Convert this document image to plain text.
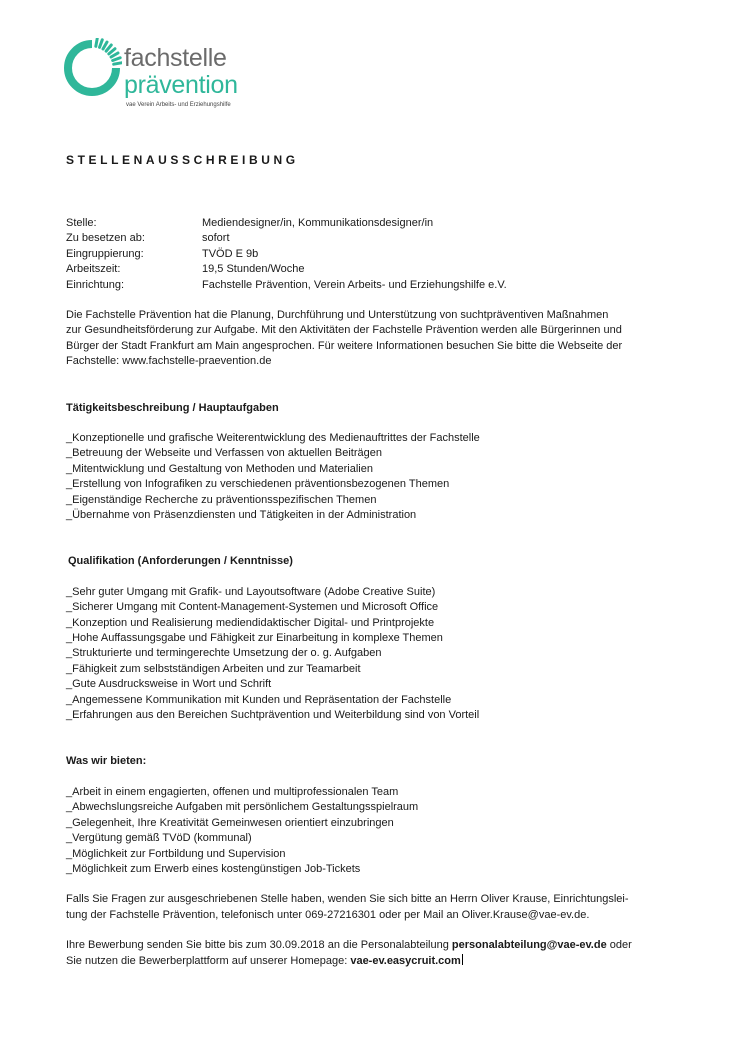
fachstelle
prävention
vae Verein Arbeits- und Erziehungshilfe
STELLENAUSSCHREIBUNG
Stelle:	Mediendesigner/in, Kommunikationsdesigner/in
Zu besetzen ab:	sofort
Eingruppierung:	TVÖD E 9b
Arbeitszeit:	19,5 Stunden/Woche
Einrichtung:	Fachstelle Prävention, Verein Arbeits- und Erziehungshilfe e.V.
Die Fachstelle Prävention hat die Planung, Durchführung und Unterstützung von suchtpräventiven Maßnahmen
zur Gesundheitsförderung zur Aufgabe. Mit den Aktivitäten der Fachstelle Prävention werden alle Bürgerinnen und
Bürger der Stadt Frankfurt am Main angesprochen. Für weitere Informationen besuchen Sie bitte die Webseite der
Fachstelle: www.fachstelle-praevention.de
Tätigkeitsbeschreibung / Hauptaufgaben
_Konzeptionelle und grafische Weiterentwicklung des Medienauftrittes der Fachstelle
_Betreuung der Webseite und Verfassen von aktuellen Beiträgen
_Mitentwicklung und Gestaltung von Methoden und Materialien
_Erstellung von Infografiken zu verschiedenen präventionsbezogenen Themen
_Eigenständige Recherche zu präventionsspezifischen Themen
_Übernahme von Präsenzdiensten und Tätigkeiten in der Administration
Qualifikation (Anforderungen / Kenntnisse)
_Sehr guter Umgang mit Grafik- und Layoutsoftware (Adobe Creative Suite)
_Sicherer Umgang mit Content-Management-Systemen und Microsoft Office
_Konzeption und Realisierung mediendidaktischer Digital- und Printprojekte
_Hohe Auffassungsgabe und Fähigkeit zur Einarbeitung in komplexe Themen
_Strukturierte und termingerechte Umsetzung der o. g. Aufgaben
_Fähigkeit zum selbstständigen Arbeiten und zur Teamarbeit
_Gute Ausdrucksweise in Wort und Schrift
_Angemessene Kommunikation mit Kunden und Repräsentation der Fachstelle
_Erfahrungen aus den Bereichen Suchtprävention und Weiterbildung sind von Vorteil
Was wir bieten:
_Arbeit in einem engagierten, offenen und multiprofessionalen Team
_Abwechslungsreiche Aufgaben mit persönlichem Gestaltungsspielraum
_Gelegenheit, Ihre Kreativität Gemeinwesen orientiert einzubringen
_Vergütung gemäß TVöD (kommunal)
_Möglichkeit zur Fortbildung und Supervision
_Möglichkeit zum Erwerb eines kostengünstigen Job-Tickets
Falls Sie Fragen zur ausgeschriebenen Stelle haben, wenden Sie sich bitte an Herrn Oliver Krause, Einrichtungslei-
tung der Fachstelle Prävention, telefonisch unter 069-27216301 oder per Mail an Oliver.Krause@vae-ev.de.
Ihre Bewerbung senden Sie bitte bis zum 30.09.2018 an die Personalabteilung personalabteilung@vae-ev.de oder
Sie nutzen die Bewerberplattform auf unserer Homepage: vae-ev.easycruit.com
